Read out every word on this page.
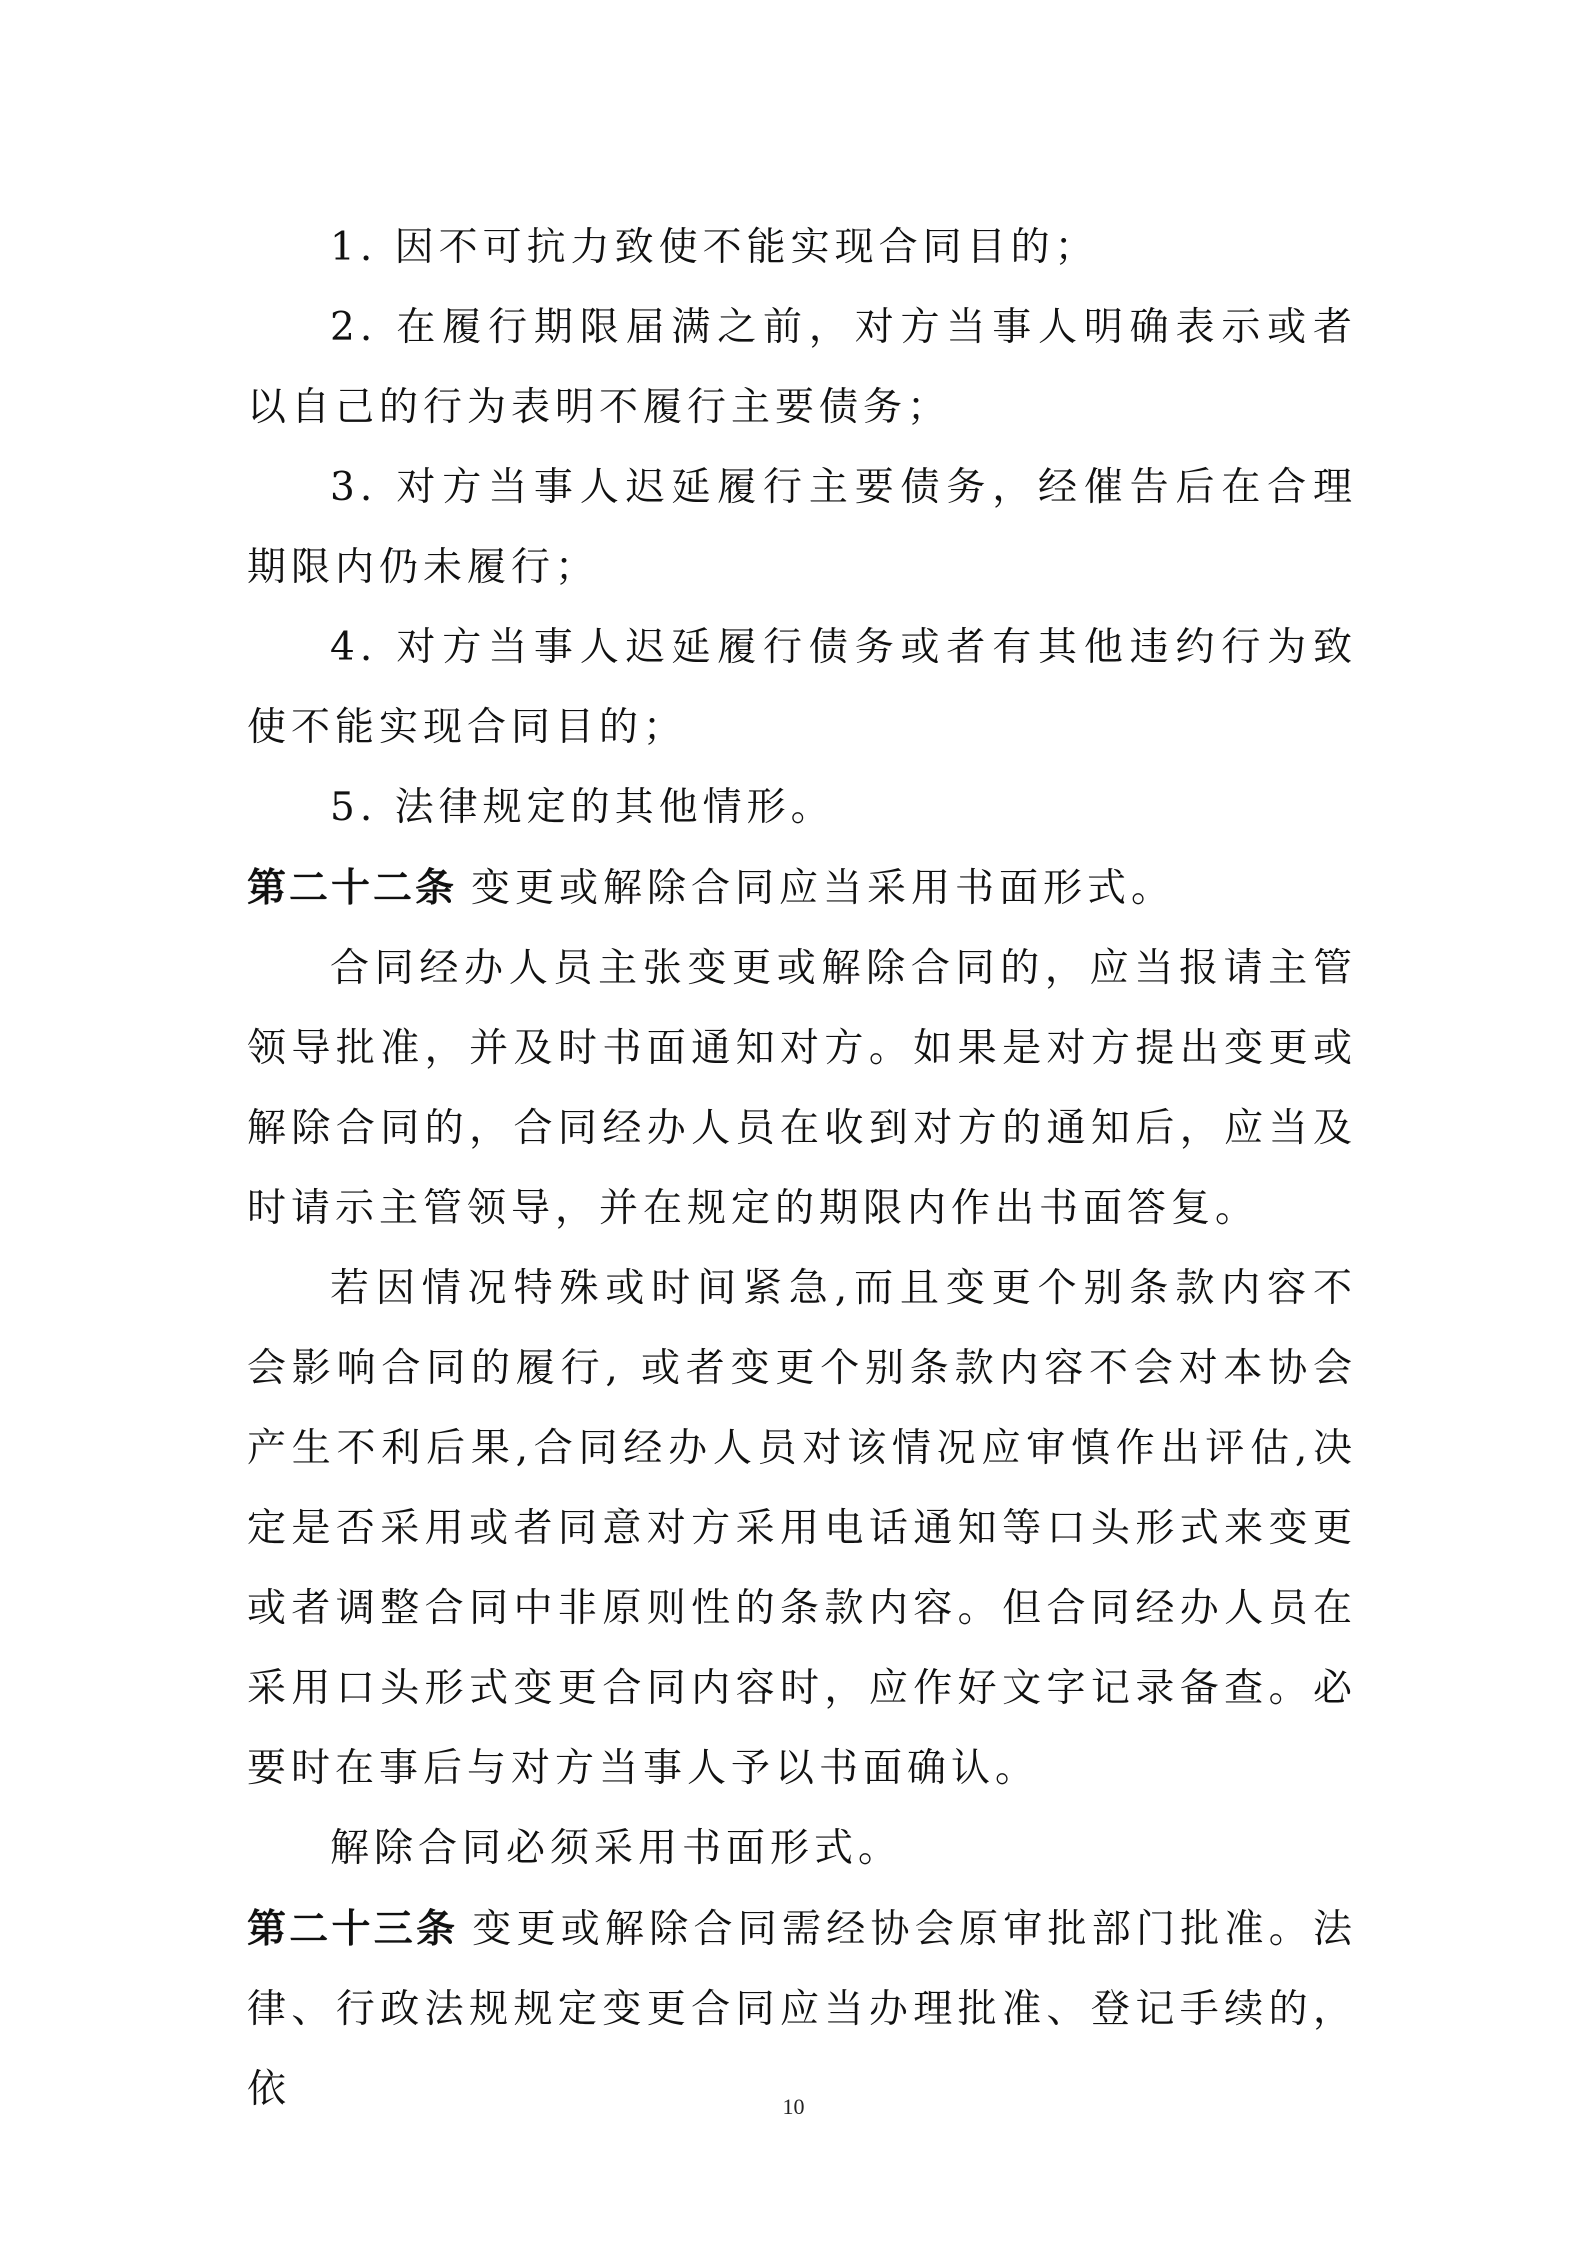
1. 因不可抗力致使不能实现合同目的；

2. 在履行期限届满之前，对方当事人明确表示或者以自己的行为表明不履行主要债务；

3. 对方当事人迟延履行主要债务，经催告后在合理期限内仍未履行；

4. 对方当事人迟延履行债务或者有其他违约行为致使不能实现合同目的；

5. 法律规定的其他情形。

第二十二条 变更或解除合同应当采用书面形式。

合同经办人员主张变更或解除合同的，应当报请主管领导批准，并及时书面通知对方。如果是对方提出变更或解除合同的，合同经办人员在收到对方的通知后，应当及时请示主管领导，并在规定的期限内作出书面答复。

若因情况特殊或时间紧急,而且变更个别条款内容不会影响合同的履行, 或者变更个别条款内容不会对本协会产生不利后果,合同经办人员对该情况应审慎作出评估,决定是否采用或者同意对方采用电话通知等口头形式来变更或者调整合同中非原则性的条款内容。但合同经办人员在采用口头形式变更合同内容时，应作好文字记录备查。必要时在事后与对方当事人予以书面确认。

解除合同必须采用书面形式。

第二十三条 变更或解除合同需经协会原审批部门批准。法律、行政法规规定变更合同应当办理批准、登记手续的，依	10
